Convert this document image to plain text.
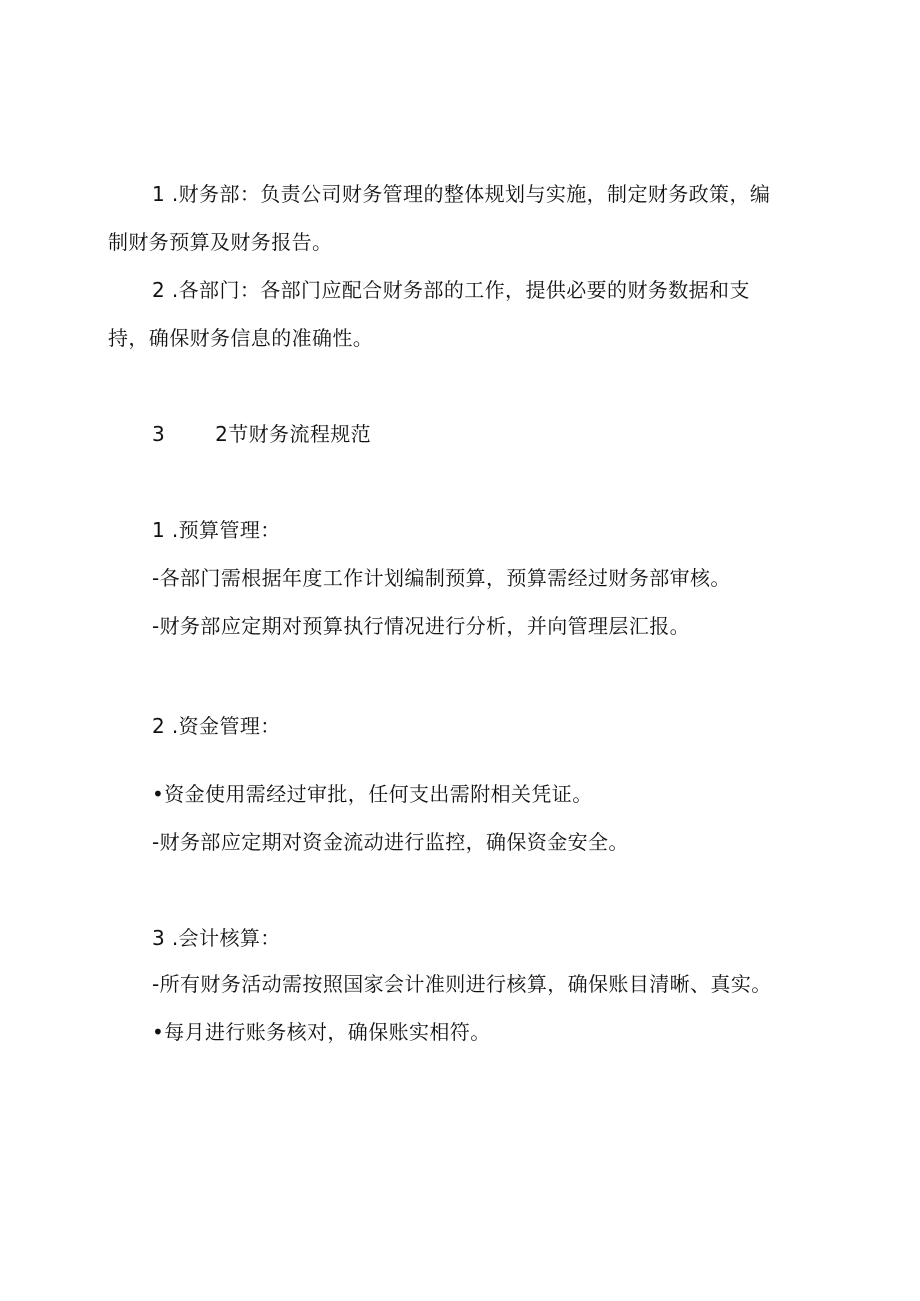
1 .财务部：负责公司财务管理的整体规划与实施，制定财务政策，编
制财务预算及财务报告。
2 .各部门：各部门应配合财务部的工作，提供必要的财务数据和支
持，确保财务信息的准确性。
3	2节财务流程规范
1 .预算管理：
-各部门需根据年度工作计划编制预算，预算需经过财务部审核。
-财务部应定期对预算执行情况进行分析，并向管理层汇报。
2 .资金管理：
•资金使用需经过审批，任何支出需附相关凭证。
-财务部应定期对资金流动进行监控，确保资金安全。
3 .会计核算：
-所有财务活动需按照国家会计准则进行核算，确保账目清晰、真实。
•每月进行账务核对，确保账实相符。
